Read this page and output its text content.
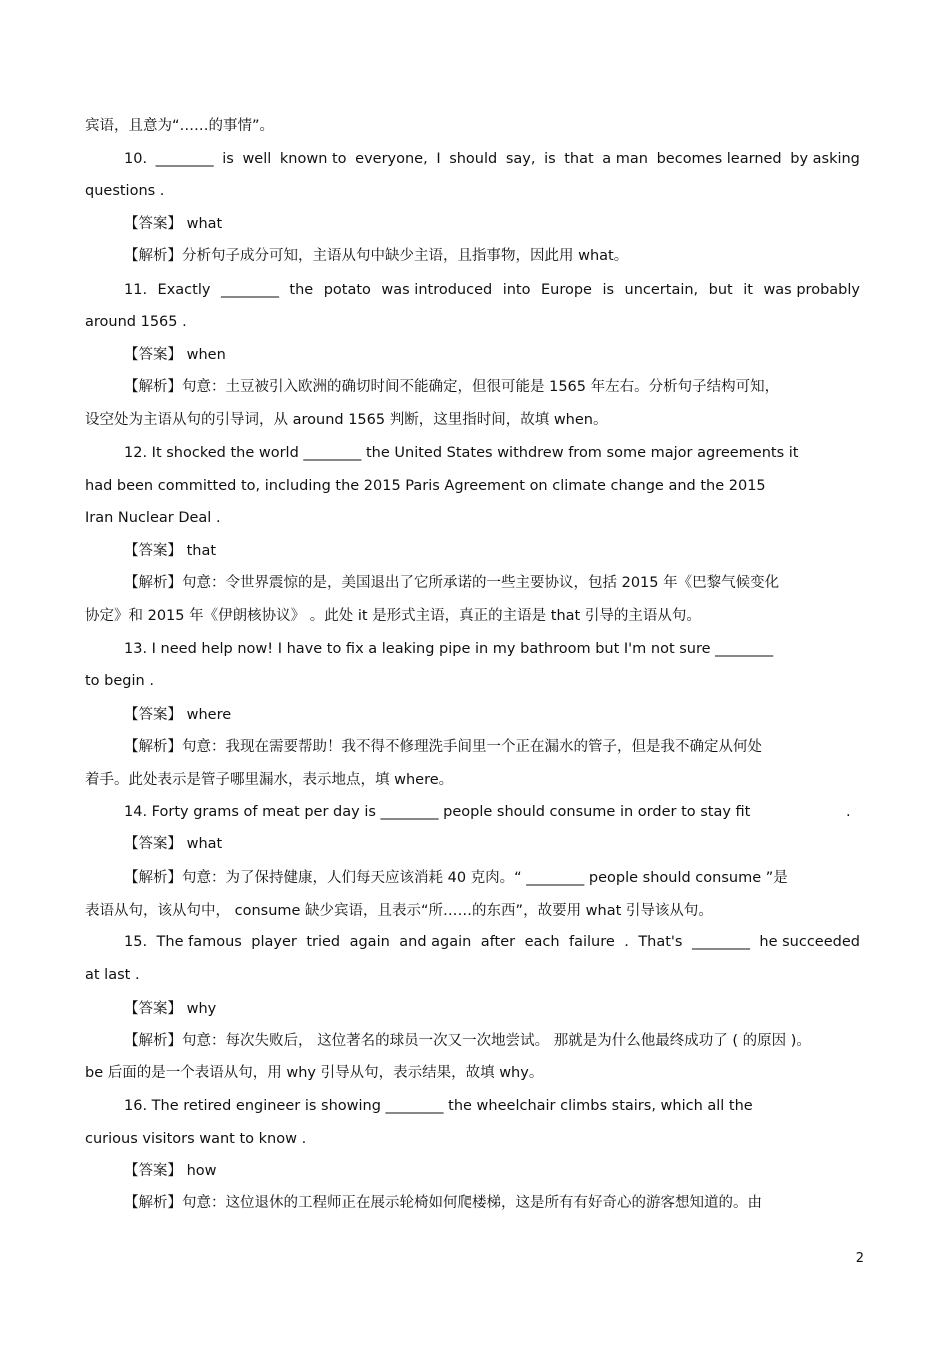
宾语，且意为“……的事情”。
10. ________ is well known to everyone, I should say, is that a man becomes learned by asking
questions .
【答案】 what
【解析】分析句子成分可知，主语从句中缺少主语，且指事物，因此用 what。
11. Exactly ________ the potato was introduced into Europe is uncertain, but it was probably
around 1565 .
【答案】 when
【解析】句意：土豆被引入欧洲的确切时间不能确定，但很可能是 1565 年左右。分析句子结构可知，
设空处为主语从句的引导词，从 around 1565 判断，这里指时间，故填 when。
12. It shocked the world ________ the United States withdrew from some major agreements it
had been committed to, including the 2015 Paris Agreement on climate change and the 2015
Iran Nuclear Deal .
【答案】 that
【解析】句意：令世界震惊的是，美国退出了它所承诺的一些主要协议，包括 2015 年《巴黎气候变化
协定》和 2015 年《伊朗核协议》 。此处 it 是形式主语，真正的主语是 that 引导的主语从句。
13. I need help now! I have to fix a leaking pipe in my bathroom but I'm not sure ________
to begin .
【答案】 where
【解析】句意：我现在需要帮助！我不得不修理洗手间里一个正在漏水的管子，但是我不确定从何处
着手。此处表示是管子哪里漏水，表示地点，填 where。
14. Forty grams of meat per day is ________ people should consume in order to stay fit	.
【答案】 what
【解析】句意：为了保持健康，人们每天应该消耗 40 克肉。“ ________ people should consume ”是
表语从句，该从句中， consume 缺少宾语，且表示“所……的东西”，故要用 what 引导该从句。
15. The famous player tried again and again after each failure . That's ________ he succeeded
at last .
【答案】 why
【解析】句意：每次失败后， 这位著名的球员一次又一次地尝试。 那就是为什么他最终成功了 ( 的原因 )。
be 后面的是一个表语从句，用 why 引导从句，表示结果，故填 why。
16. The retired engineer is showing ________ the wheelchair climbs stairs, which all the
curious visitors want to know .
【答案】 how
【解析】句意：这位退休的工程师正在展示轮椅如何爬楼梯，这是所有有好奇心的游客想知道的。由
2
